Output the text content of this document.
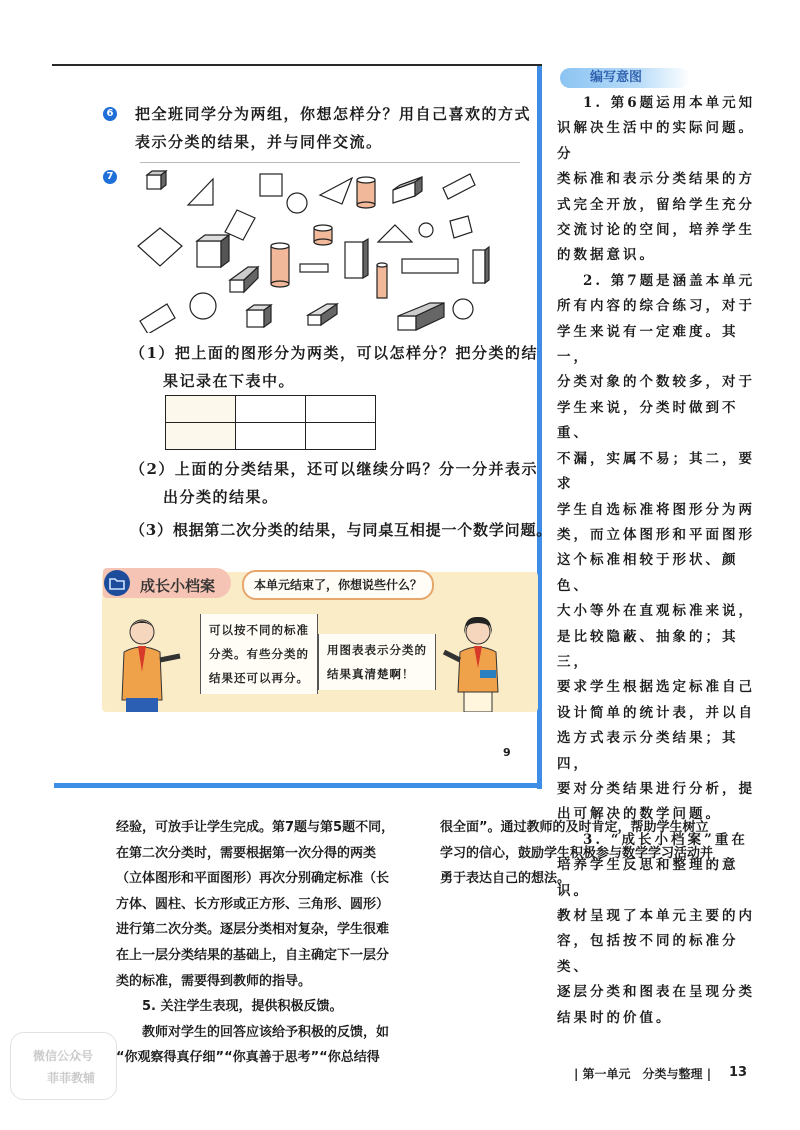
6 把全班同学分为两组，你想怎样分？用自己喜欢的方式
表示分类的结果，并与同伴交流。
7
（1）把上面的图形分为两类，可以怎样分？把分类的结
果记录在下表中。

（2）上面的分类结果，还可以继续分吗？分一分并表示
出分类的结果。
（3）根据第二次分类的结果，与同桌互相提一个数学问题。
成长小档案	本单元结束了，你想说些什么？
可以按不同的标准
分类。有些分类的
结果还可以再分。
用图表表示分类的
结果真清楚啊！
9
编写意图
1. 第6题运用本单元知
识解决生活中的实际问题。分
类标准和表示分类结果的方
式完全开放，留给学生充分
交流讨论的空间，培养学生
的数据意识。
2. 第7题是涵盖本单元
所有内容的综合练习，对于
学生来说有一定难度。其一，
分类对象的个数较多，对于
学生来说，分类时做到不重、
不漏，实属不易；其二，要求
学生自选标准将图形分为两
类，而立体图形和平面图形
这个标准相较于形状、颜色、
大小等外在直观标准来说，
是比较隐蔽、抽象的；其三，
要求学生根据选定标准自己
设计简单的统计表，并以自
选方式表示分类结果；其四，
要对分类结果进行分析，提
出可解决的数学问题。
3. “成长小档案”重在
培养学生反思和整理的意识。
教材呈现了本单元主要的内
容，包括按不同的标准分类、
逐层分类和图表在呈现分类
结果时的价值。
经验，可放手让学生完成。第7题与第5题不同，
在第二次分类时，需要根据第一次分得的两类
（立体图形和平面图形）再次分别确定标准（长
方体、圆柱、长方形或正方形、三角形、圆形）
进行第二次分类。逐层分类相对复杂，学生很难
在上一层分类结果的基础上，自主确定下一层分
类的标准，需要得到教师的指导。
　　5. 关注学生表现，提供积极反馈。
　　教师对学生的回答应该给予积极的反馈，如
“你观察得真仔细”“你真善于思考”“你总结得
很全面”。通过教师的及时肯定，帮助学生树立
学习的信心，鼓励学生积极参与数学学习活动并
勇于表达自己的想法。
微信公众号
菲菲教辅	| 第一单元　分类与整理 | 13
